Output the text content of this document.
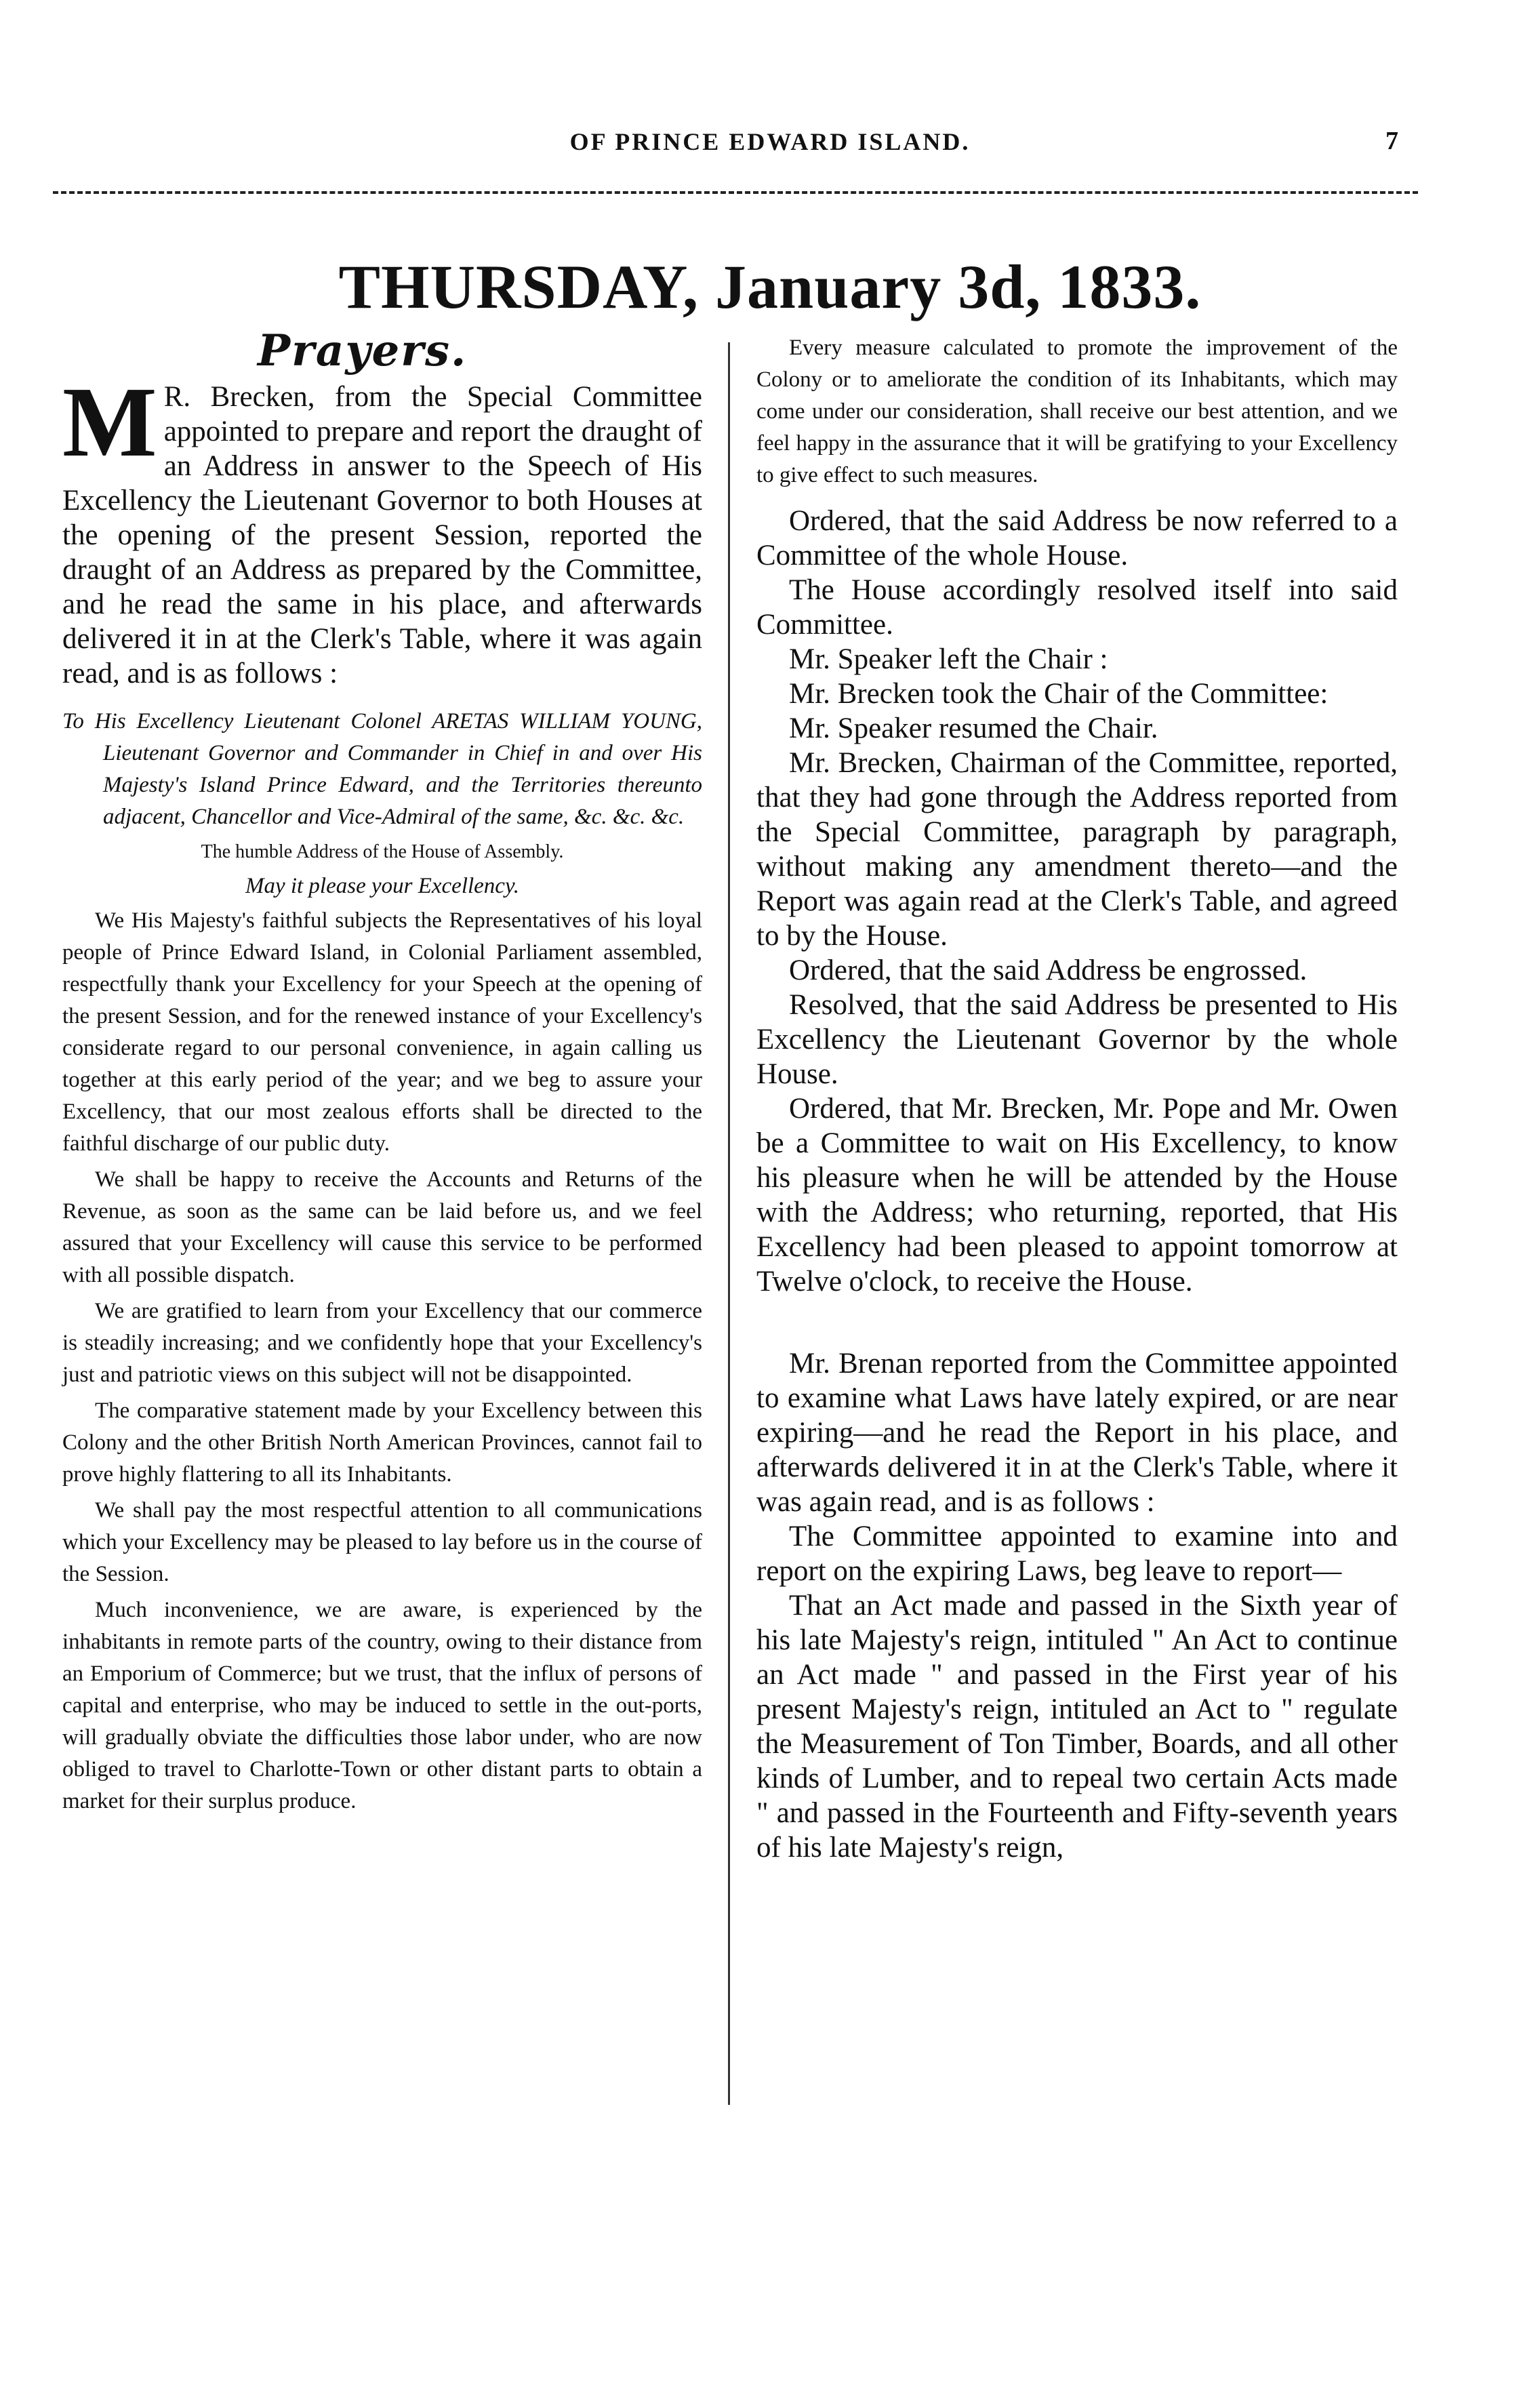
OF PRINCE EDWARD ISLAND.	7
THURSDAY, January 3d, 1833.
Prayers.

M R. Brecken, from the Special Committee appointed to prepare and report the draught of an Address in answer to the Speech of His Excellency the Lieutenant Governor to both Houses at the opening of the present Session, reported the draught of an Address as prepared by the Committee, and he read the same in his place, and afterwards delivered it in at the Clerk's Table, where it was again read, and is as follows :

To His Excellency Lieutenant Colonel ARETAS WILLIAM YOUNG, Lieutenant Governor and Commander in Chief in and over His Majesty's Island Prince Edward, and the Territories thereunto adjacent, Chancellor and Vice-Admiral of the same, &c. &c. &c.

The humble Address of the House of Assembly.

May it please your Excellency.

We His Majesty's faithful subjects the Representatives of his loyal people of Prince Edward Island, in Colonial Parliament assembled, respectfully thank your Excellency for your Speech at the opening of the present Session, and for the renewed instance of your Excellency's considerate regard to our personal convenience, in again calling us together at this early period of the year; and we beg to assure your Excellency, that our most zealous efforts shall be directed to the faithful discharge of our public duty.

We shall be happy to receive the Accounts and Returns of the Revenue, as soon as the same can be laid before us, and we feel assured that your Excellency will cause this service to be performed with all possible dispatch.

We are gratified to learn from your Excellency that our commerce is steadily increasing; and we confidently hope that your Excellency's just and patriotic views on this subject will not be disappointed.

The comparative statement made by your Excellency between this Colony and the other British North American Provinces, cannot fail to prove highly flattering to all its Inhabitants.

We shall pay the most respectful attention to all communications which your Excellency may be pleased to lay before us in the course of the Session.

Much inconvenience, we are aware, is experienced by the inhabitants in remote parts of the country, owing to their distance from an Emporium of Commerce; but we trust, that the influx of persons of capital and enterprise, who may be induced to settle in the out-ports, will gradually obviate the difficulties those labor under, who are now obliged to travel to Charlotte-Town or other distant parts to obtain a market for their surplus produce.

Every measure calculated to promote the improvement of the Colony or to ameliorate the condition of its Inhabitants, which may come under our consideration, shall receive our best attention, and we feel happy in the assurance that it will be gratifying to your Excellency to give effect to such measures.

Ordered, that the said Address be now referred to a Committee of the whole House.

The House accordingly resolved itself into said Committee.

Mr. Speaker left the Chair :

Mr. Brecken took the Chair of the Committee:

Mr. Speaker resumed the Chair.

Mr. Brecken, Chairman of the Committee, reported, that they had gone through the Address reported from the Special Committee, paragraph by paragraph, without making any amendment thereto—and the Report was again read at the Clerk's Table, and agreed to by the House.

Ordered, that the said Address be engrossed.

Resolved, that the said Address be presented to His Excellency the Lieutenant Governor by the whole House.

Ordered, that Mr. Brecken, Mr. Pope and Mr. Owen be a Committee to wait on His Excellency, to know his pleasure when he will be attended by the House with the Address; who returning, reported, that His Excellency had been pleased to appoint tomorrow at Twelve o'clock, to receive the House.

Mr. Brenan reported from the Committee appointed to examine what Laws have lately expired, or are near expiring—and he read the Report in his place, and afterwards delivered it in at the Clerk's Table, where it was again read, and is as follows :

The Committee appointed to examine into and report on the expiring Laws, beg leave to report—

That an Act made and passed in the Sixth year of his late Majesty's reign, intituled " An Act to continue an Act made " and passed in the First year of his present Majesty's reign, intituled an Act to " regulate the Measurement of Ton Timber, Boards, and all other kinds of Lumber, and to repeal two certain Acts made " and passed in the Fourteenth and Fifty-seventh years of his late Majesty's reign,
